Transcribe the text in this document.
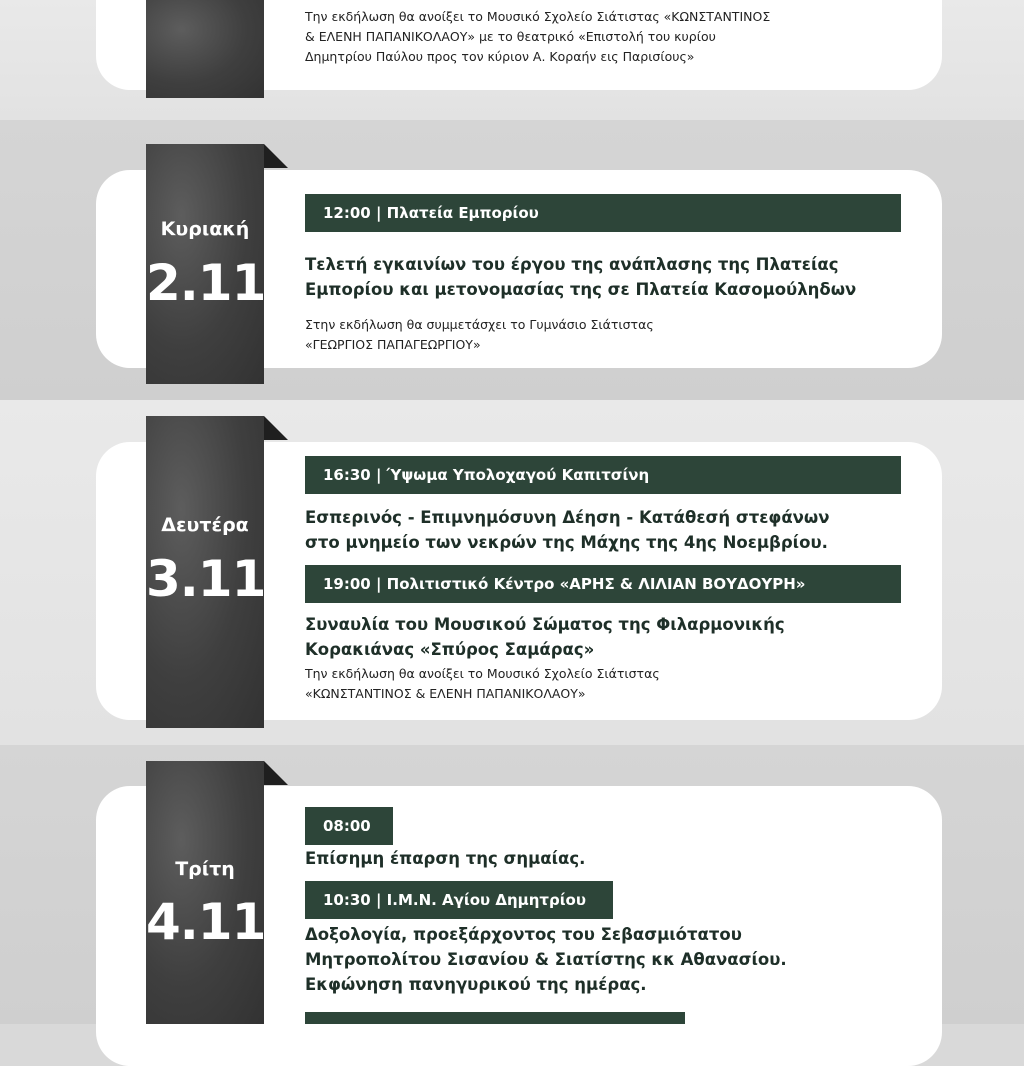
Την εκδήλωση θα ανοίξει το Μουσικό Σχολείο Σιάτιστας «ΚΩΝΣΤΑΝΤΙΝΟΣ
& ΕΛΕΝΗ ΠΑΠΑΝΙΚΟΛΑΟΥ» με το θεατρικό «Επιστολή του κυρίου
Δημητρίου Παύλου προς τον κύριον Α. Κοραήν εις Παρισίους»
Κυριακή
2.11
12:00 | Πλατεία Εμπορίου
Τελετή εγκαινίων του έργου της ανάπλασης της Πλατείας
Εμπορίου και μετονομασίας της σε Πλατεία Κασομούληδων
Στην εκδήλωση θα συμμετάσχει το Γυμνάσιο Σιάτιστας
«ΓΕΩΡΓΙΟΣ ΠΑΠΑΓΕΩΡΓΙΟΥ»
Δευτέρα
3.11
16:30 | Ύψωμα Υπολοχαγού Καπιτσίνη
Εσπερινός - Επιμνημόσυνη Δέηση - Κατάθεσή στεφάνων
στο μνημείο των νεκρών της Μάχης της 4ης Νοεμβρίου.
19:00 | Πολιτιστικό Κέντρο «ΑΡΗΣ & ΛΙΛΙΑΝ ΒΟΥΔΟΥΡΗ»
Συναυλία του Μουσικού Σώματος της Φιλαρμονικής
Κορακιάνας «Σπύρος Σαμάρας»
Την εκδήλωση θα ανοίξει το Μουσικό Σχολείο Σιάτιστας
«ΚΩΝΣΤΑΝΤΙΝΟΣ & ΕΛΕΝΗ ΠΑΠΑΝΙΚΟΛΑΟΥ»
Τρίτη
4.11
08:00
Επίσημη έπαρση της σημαίας.
10:30 | Ι.Μ.Ν. Αγίου Δημητρίου
Δοξολογία, προεξάρχοντος του Σεβασμιότατου
Μητροπολίτου Σισανίου & Σιατίστης κκ Αθανασίου.
Εκφώνηση πανηγυρικού της ημέρας.
